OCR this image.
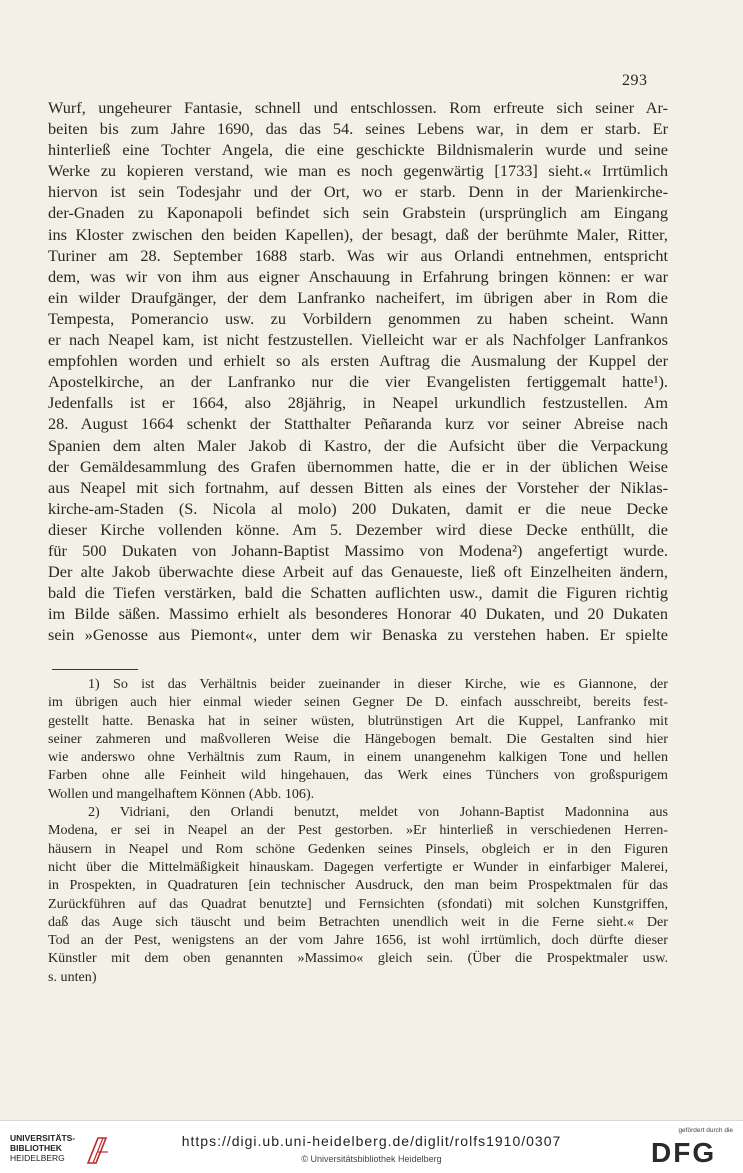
293
Wurf, ungeheurer Fantasie, schnell und entschlossen. Rom erfreute sich seiner Ar-
beiten bis zum Jahre 1690, das das 54. seines Lebens war, in dem er starb. Er
hinterließ eine Tochter Angela, die eine geschickte Bildnismalerin wurde und seine
Werke zu kopieren verstand, wie man es noch gegenwärtig [1733] sieht.« Irrtümlich
hiervon ist sein Todesjahr und der Ort, wo er starb. Denn in der Marienkirche-
der-Gnaden zu Kaponapoli befindet sich sein Grabstein (ursprünglich am Eingang
ins Kloster zwischen den beiden Kapellen), der besagt, daß der berühmte Maler, Ritter,
Turiner am 28. September 1688 starb. Was wir aus Orlandi entnehmen, entspricht
dem, was wir von ihm aus eigner Anschauung in Erfahrung bringen können: er war
ein wilder Draufgänger, der dem Lanfranko nacheifert, im übrigen aber in Rom die
Tempesta, Pomerancio usw. zu Vorbildern genommen zu haben scheint. Wann
er nach Neapel kam, ist nicht festzustellen. Vielleicht war er als Nachfolger Lanfrankos
empfohlen worden und erhielt so als ersten Auftrag die Ausmalung der Kuppel der
Apostelkirche, an der Lanfranko nur die vier Evangelisten fertiggemalt hatte¹).
Jedenfalls ist er 1664, also 28jährig, in Neapel urkundlich festzustellen. Am
28. August 1664 schenkt der Statthalter Peñaranda kurz vor seiner Abreise nach
Spanien dem alten Maler Jakob di Kastro, der die Aufsicht über die Verpackung
der Gemäldesammlung des Grafen übernommen hatte, die er in der üblichen Weise
aus Neapel mit sich fortnahm, auf dessen Bitten als eines der Vorsteher der Niklas-
kirche-am-Staden (S. Nicola al molo) 200 Dukaten, damit er die neue Decke
dieser Kirche vollenden könne. Am 5. Dezember wird diese Decke enthüllt, die
für 500 Dukaten von Johann-Baptist Massimo von Modena²) angefertigt wurde.
Der alte Jakob überwachte diese Arbeit auf das Genaueste, ließ oft Einzelheiten ändern,
bald die Tiefen verstärken, bald die Schatten auflichten usw., damit die Figuren richtig
im Bilde säßen. Massimo erhielt als besonderes Honorar 40 Dukaten, und 20 Dukaten
sein »Genosse aus Piemont«, unter dem wir Benaska zu verstehen haben. Er spielte
1) So ist das Verhältnis beider zueinander in dieser Kirche, wie es Giannone, der
im übrigen auch hier einmal wieder seinen Gegner De D. einfach ausschreibt, bereits fest-
gestellt hatte. Benaska hat in seiner wüsten, blutrünstigen Art die Kuppel, Lanfranko mit
seiner zahmeren und maßvolleren Weise die Hängebogen bemalt. Die Gestalten sind hier
wie anderswo ohne Verhältnis zum Raum, in einem unangenehm kalkigen Tone und hellen
Farben ohne alle Feinheit wild hingehauen, das Werk eines Tünchers von großspurigem
Wollen und mangelhaftem Können (Abb. 106).
2) Vidriani, den Orlandi benutzt, meldet von Johann-Baptist Madonnina aus
Modena, er sei in Neapel an der Pest gestorben. »Er hinterließ in verschiedenen Herren-
häusern in Neapel und Rom schöne Gedenken seines Pinsels, obgleich er in den Figuren
nicht über die Mittelmäßigkeit hinauskam. Dagegen verfertigte er Wunder in einfarbiger Malerei,
in Prospekten, in Quadraturen [ein technischer Ausdruck, den man beim Prospektmalen für das
Zurückführen auf das Quadrat benutzte] und Fernsichten (sfondati) mit solchen Kunstgriffen,
daß das Auge sich täuscht und beim Betrachten unendlich weit in die Ferne sieht.« Der
Tod an der Pest, wenigstens an der vom Jahre 1656, ist wohl irrtümlich, doch dürfte dieser
Künstler mit dem oben genannten »Massimo« gleich sein. (Über die Prospektmaler usw.
s. unten)
UNIVERSITÄTS-
BIBLIOTHEK
HEIDELBERG
https://digi.ub.uni-heidelberg.de/diglit/rolfs1910/0307
© Universitätsbibliothek Heidelberg
gefördert durch die
DFG
